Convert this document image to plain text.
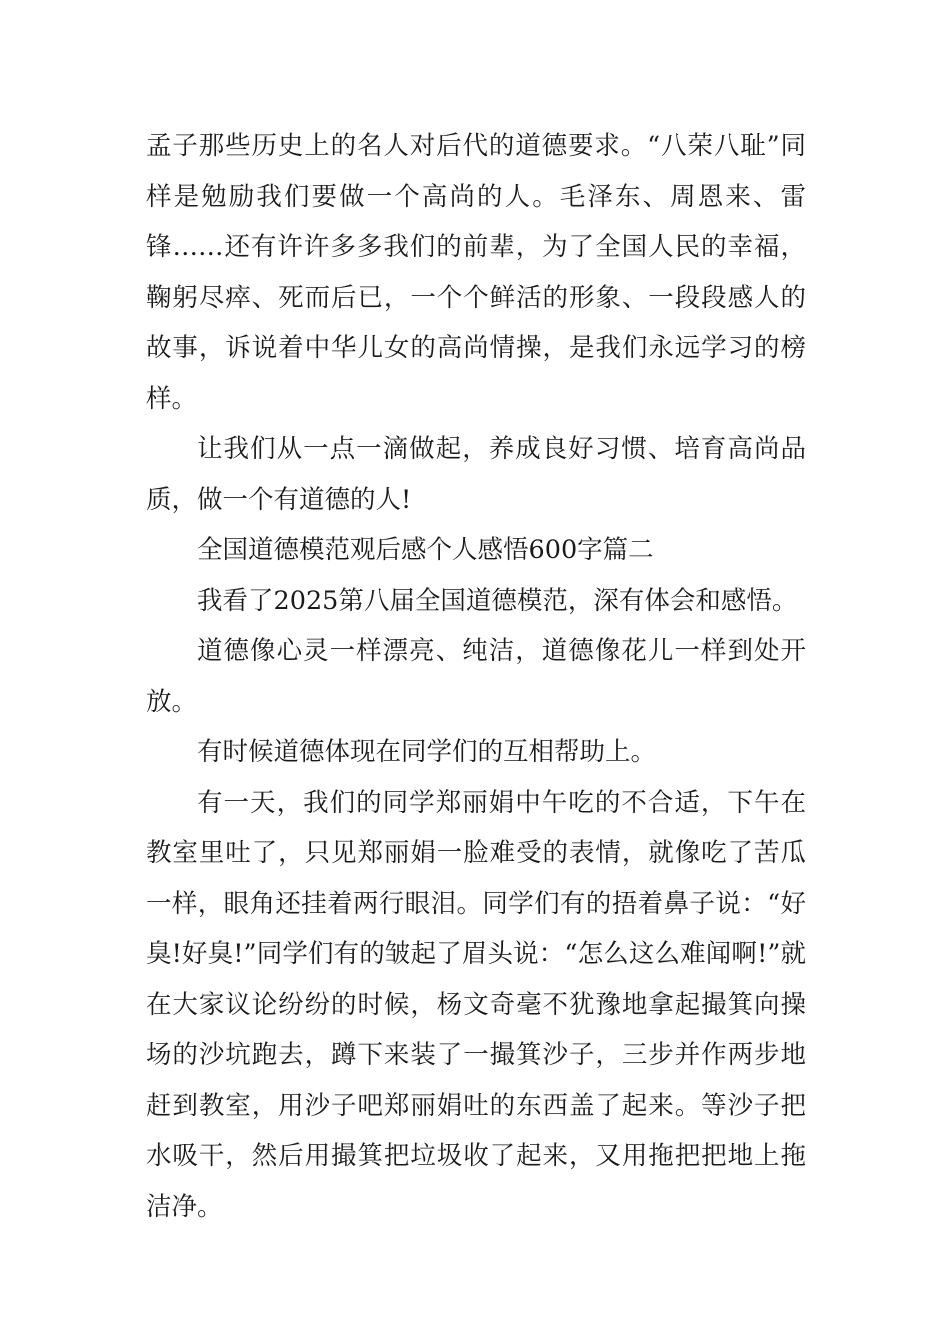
孟子那些历史上的名人对后代的道德要求。“八荣八耻”同样是勉励我们要做一个高尚的人。毛泽东、周恩来、雷锋……还有许许多多我们的前辈，为了全国人民的幸福，鞠躬尽瘁、死而后已，一个个鲜活的形象、一段段感人的故事，诉说着中华儿女的高尚情操，是我们永远学习的榜样。

让我们从一点一滴做起，养成良好习惯、培育高尚品质，做一个有道德的人!

全国道德模范观后感个人感悟600字篇二

我看了2025第八届全国道德模范，深有体会和感悟。

道德像心灵一样漂亮、纯洁，道德像花儿一样到处开放。

有时候道德体现在同学们的互相帮助上。

有一天，我们的同学郑丽娟中午吃的不合适，下午在教室里吐了，只见郑丽娟一脸难受的表情，就像吃了苦瓜一样，眼角还挂着两行眼泪。同学们有的捂着鼻子说：“好臭!好臭!”同学们有的皱起了眉头说：“怎么这么难闻啊!”就在大家议论纷纷的时候，杨文奇毫不犹豫地拿起撮箕向操场的沙坑跑去，蹲下来装了一撮箕沙子，三步并作两步地赶到教室，用沙子吧郑丽娟吐的东西盖了起来。等沙子把水吸干，然后用撮箕把垃圾收了起来，又用拖把把地上拖洁净。
